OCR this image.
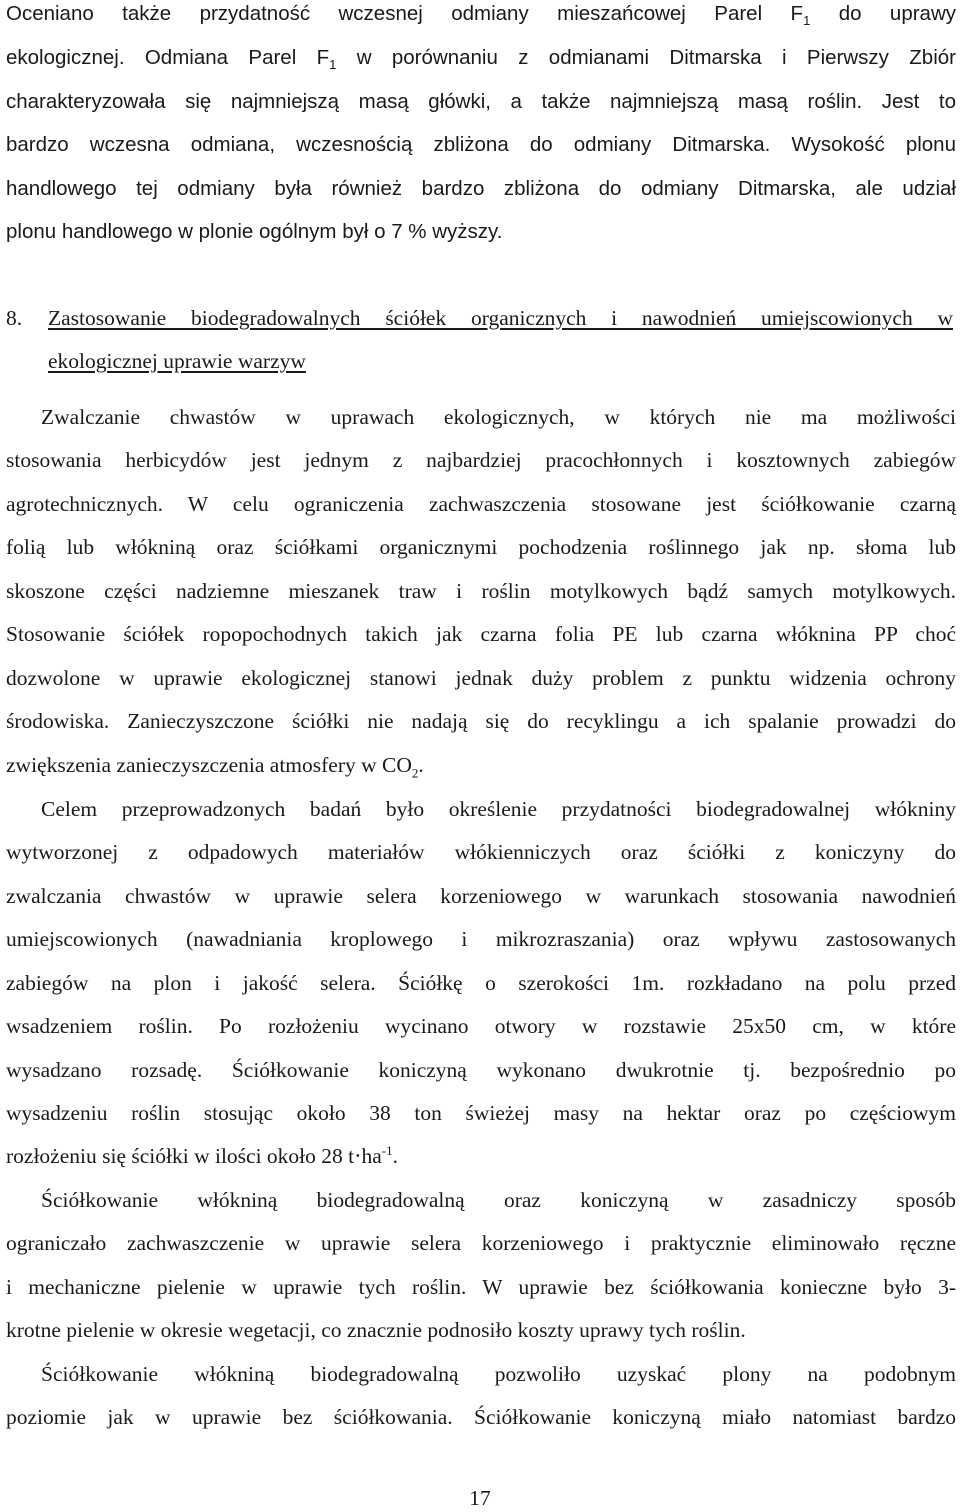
Oceniano także przydatność wczesnej odmiany mieszańcowej Parel $F_1$ do uprawy
ekologicznej. Odmiana Parel $F_1$ w porównaniu z odmianami Ditmarska i Pierwszy Zbiór
charakteryzowała się najmniejszą masą główki, a także najmniejszą masą roślin. Jest to
bardzo wczesna odmiana, wczesnością zbliżona do odmiany Ditmarska. Wysokość plonu
handlowego tej odmiany była również bardzo zbliżona do odmiany Ditmarska, ale udział
plonu handlowego w plonie ogólnym był o 7 % wyższy.
8. Zastosowanie biodegradowalnych ściółek organicznych i nawodnień umiejscowionych w
ekologicznej uprawie warzyw
Zwalczanie chwastów w uprawach ekologicznych, w których nie ma możliwości
stosowania herbicydów jest jednym z najbardziej pracochłonnych i kosztownych zabiegów
agrotechnicznych. W celu ograniczenia zachwaszczenia stosowane jest ściółkowanie czarną
folią lub włókniną oraz ściółkami organicznymi pochodzenia roślinnego jak np. słoma lub
skoszone części nadziemne mieszanek traw i roślin motylkowych bądź samych motylkowych.
Stosowanie ściółek ropopochodnych takich jak czarna folia PE lub czarna włóknina PP choć
dozwolone w uprawie ekologicznej stanowi jednak duży problem z punktu widzenia ochrony
środowiska. Zanieczyszczone ściółki nie nadają się do recyklingu a ich spalanie prowadzi do
zwiększenia zanieczyszczenia atmosfery w $CO_2$.
Celem przeprowadzonych badań było określenie przydatności biodegradowalnej włókniny
wytworzonej z odpadowych materiałów włókienniczych oraz ściółki z koniczyny do
zwalczania chwastów w uprawie selera korzeniowego w warunkach stosowania nawodnień
umiejscowionych (nawadniania kroplowego i mikrozraszania) oraz wpływu zastosowanych
zabiegów na plon i jakość selera. Ściółkę o szerokości 1m. rozkładano na polu przed
wsadzeniem roślin. Po rozłożeniu wycinano otwory w rozstawie 25x50 cm, w które
wysadzano rozsadę. Ściółkowanie koniczyną wykonano dwukrotnie tj. bezpośrednio po
wysadzeniu roślin stosując około 38 ton świeżej masy na hektar oraz po częściowym
rozłożeniu się ściółki w ilości około 28 $t\cdot ha^{-1}$.
Ściółkowanie włókniną biodegradowalną oraz koniczyną w zasadniczy sposób
ograniczało zachwaszczenie w uprawie selera korzeniowego i praktycznie eliminowało ręczne
i mechaniczne pielenie w uprawie tych roślin. W uprawie bez ściółkowania konieczne było 3-
krotne pielenie w okresie wegetacji, co znacznie podnosiło koszty uprawy tych roślin.
Ściółkowanie włókniną biodegradowalną pozwoliło uzyskać plony na podobnym
poziomie jak w uprawie bez ściółkowania. Ściółkowanie koniczyną miało natomiast bardzo
17
